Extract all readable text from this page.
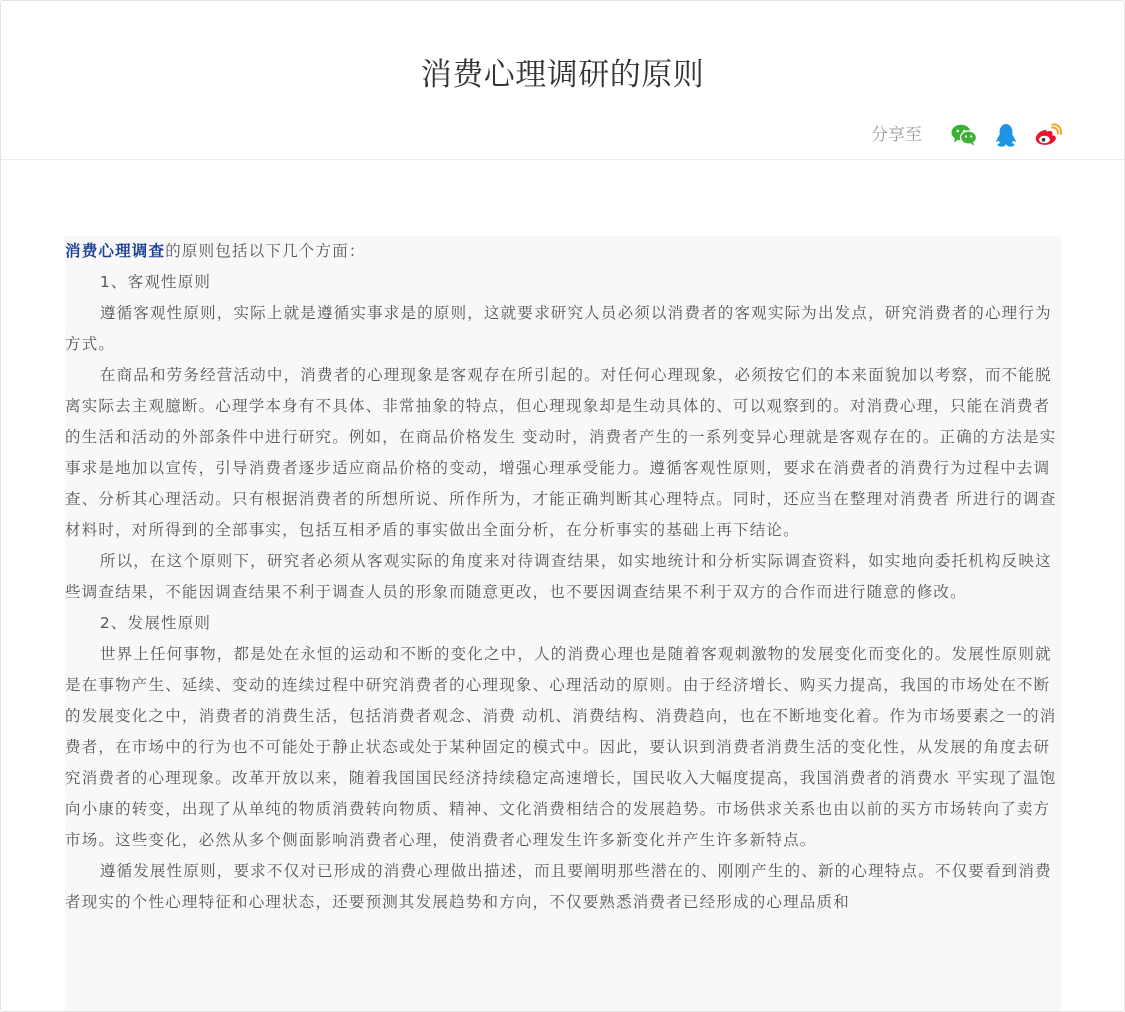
消费心理调研的原则
分享至

消费心理调查的原则包括以下几个方面：

1、客观性原则

遵循客观性原则，实际上就是遵循实事求是的原则，这就要求研究人员必须以消费者的客观实际为出发点，研究消费者的心理行为方式。

在商品和劳务经营活动中，消费者的心理现象是客观存在所引起的。对任何心理现象，必须按它们的本来面貌加以考察，而不能脱离实际去主观臆断。心理学本身有不具体、非常抽象的特点，但心理现象却是生动具体的、可以观察到的。对消费心理，只能在消费者的生活和活动的外部条件中进行研究。例如，在商品价格发生 变动时，消费者产生的一系列变异心理就是客观存在的。正确的方法是实事求是地加以宣传，引导消费者逐步适应商品价格的变动，增强心理承受能力。遵循客观性原则，要求在消费者的消费行为过程中去调查、分析其心理活动。只有根据消费者的所想所说、所作所为，才能正确判断其心理特点。同时，还应当在整理对消费者 所进行的调查材料时，对所得到的全部事实，包括互相矛盾的事实做出全面分析，在分析事实的基础上再下结论。

所以，在这个原则下，研究者必须从客观实际的角度来对待调查结果，如实地统计和分析实际调查资料，如实地向委托机构反映这些调查结果，不能因调查结果不利于调查人员的形象而随意更改，也不要因调查结果不利于双方的合作而进行随意的修改。

2、发展性原则

世界上任何事物，都是处在永恒的运动和不断的变化之中，人的消费心理也是随着客观刺激物的发展变化而变化的。发展性原则就是在事物产生、延续、变动的连续过程中研究消费者的心理现象、心理活动的原则。由于经济增长、购买力提高，我国的市场处在不断的发展变化之中，消费者的消费生活，包括消费者观念、消费 动机、消费结构、消费趋向，也在不断地变化着。作为市场要素之一的消费者，在市场中的行为也不可能处于静止状态或处于某种固定的模式中。因此，要认识到消费者消费生活的变化性，从发展的角度去研究消费者的心理现象。改革开放以来，随着我国国民经济持续稳定高速增长，国民收入大幅度提高，我国消费者的消费水 平实现了温饱向小康的转变，出现了从单纯的物质消费转向物质、精神、文化消费相结合的发展趋势。市场供求关系也由以前的买方市场转向了卖方市场。这些变化，必然从多个侧面影响消费者心理，使消费者心理发生许多新变化并产生许多新特点。

遵循发展性原则，要求不仅对已形成的消费心理做出描述，而且要阐明那些潜在的、刚刚产生的、新的心理特点。不仅要看到消费者现实的个性心理特征和心理状态，还要预测其发展趋势和方向，不仅要熟悉消费者已经形成的心理品质和
